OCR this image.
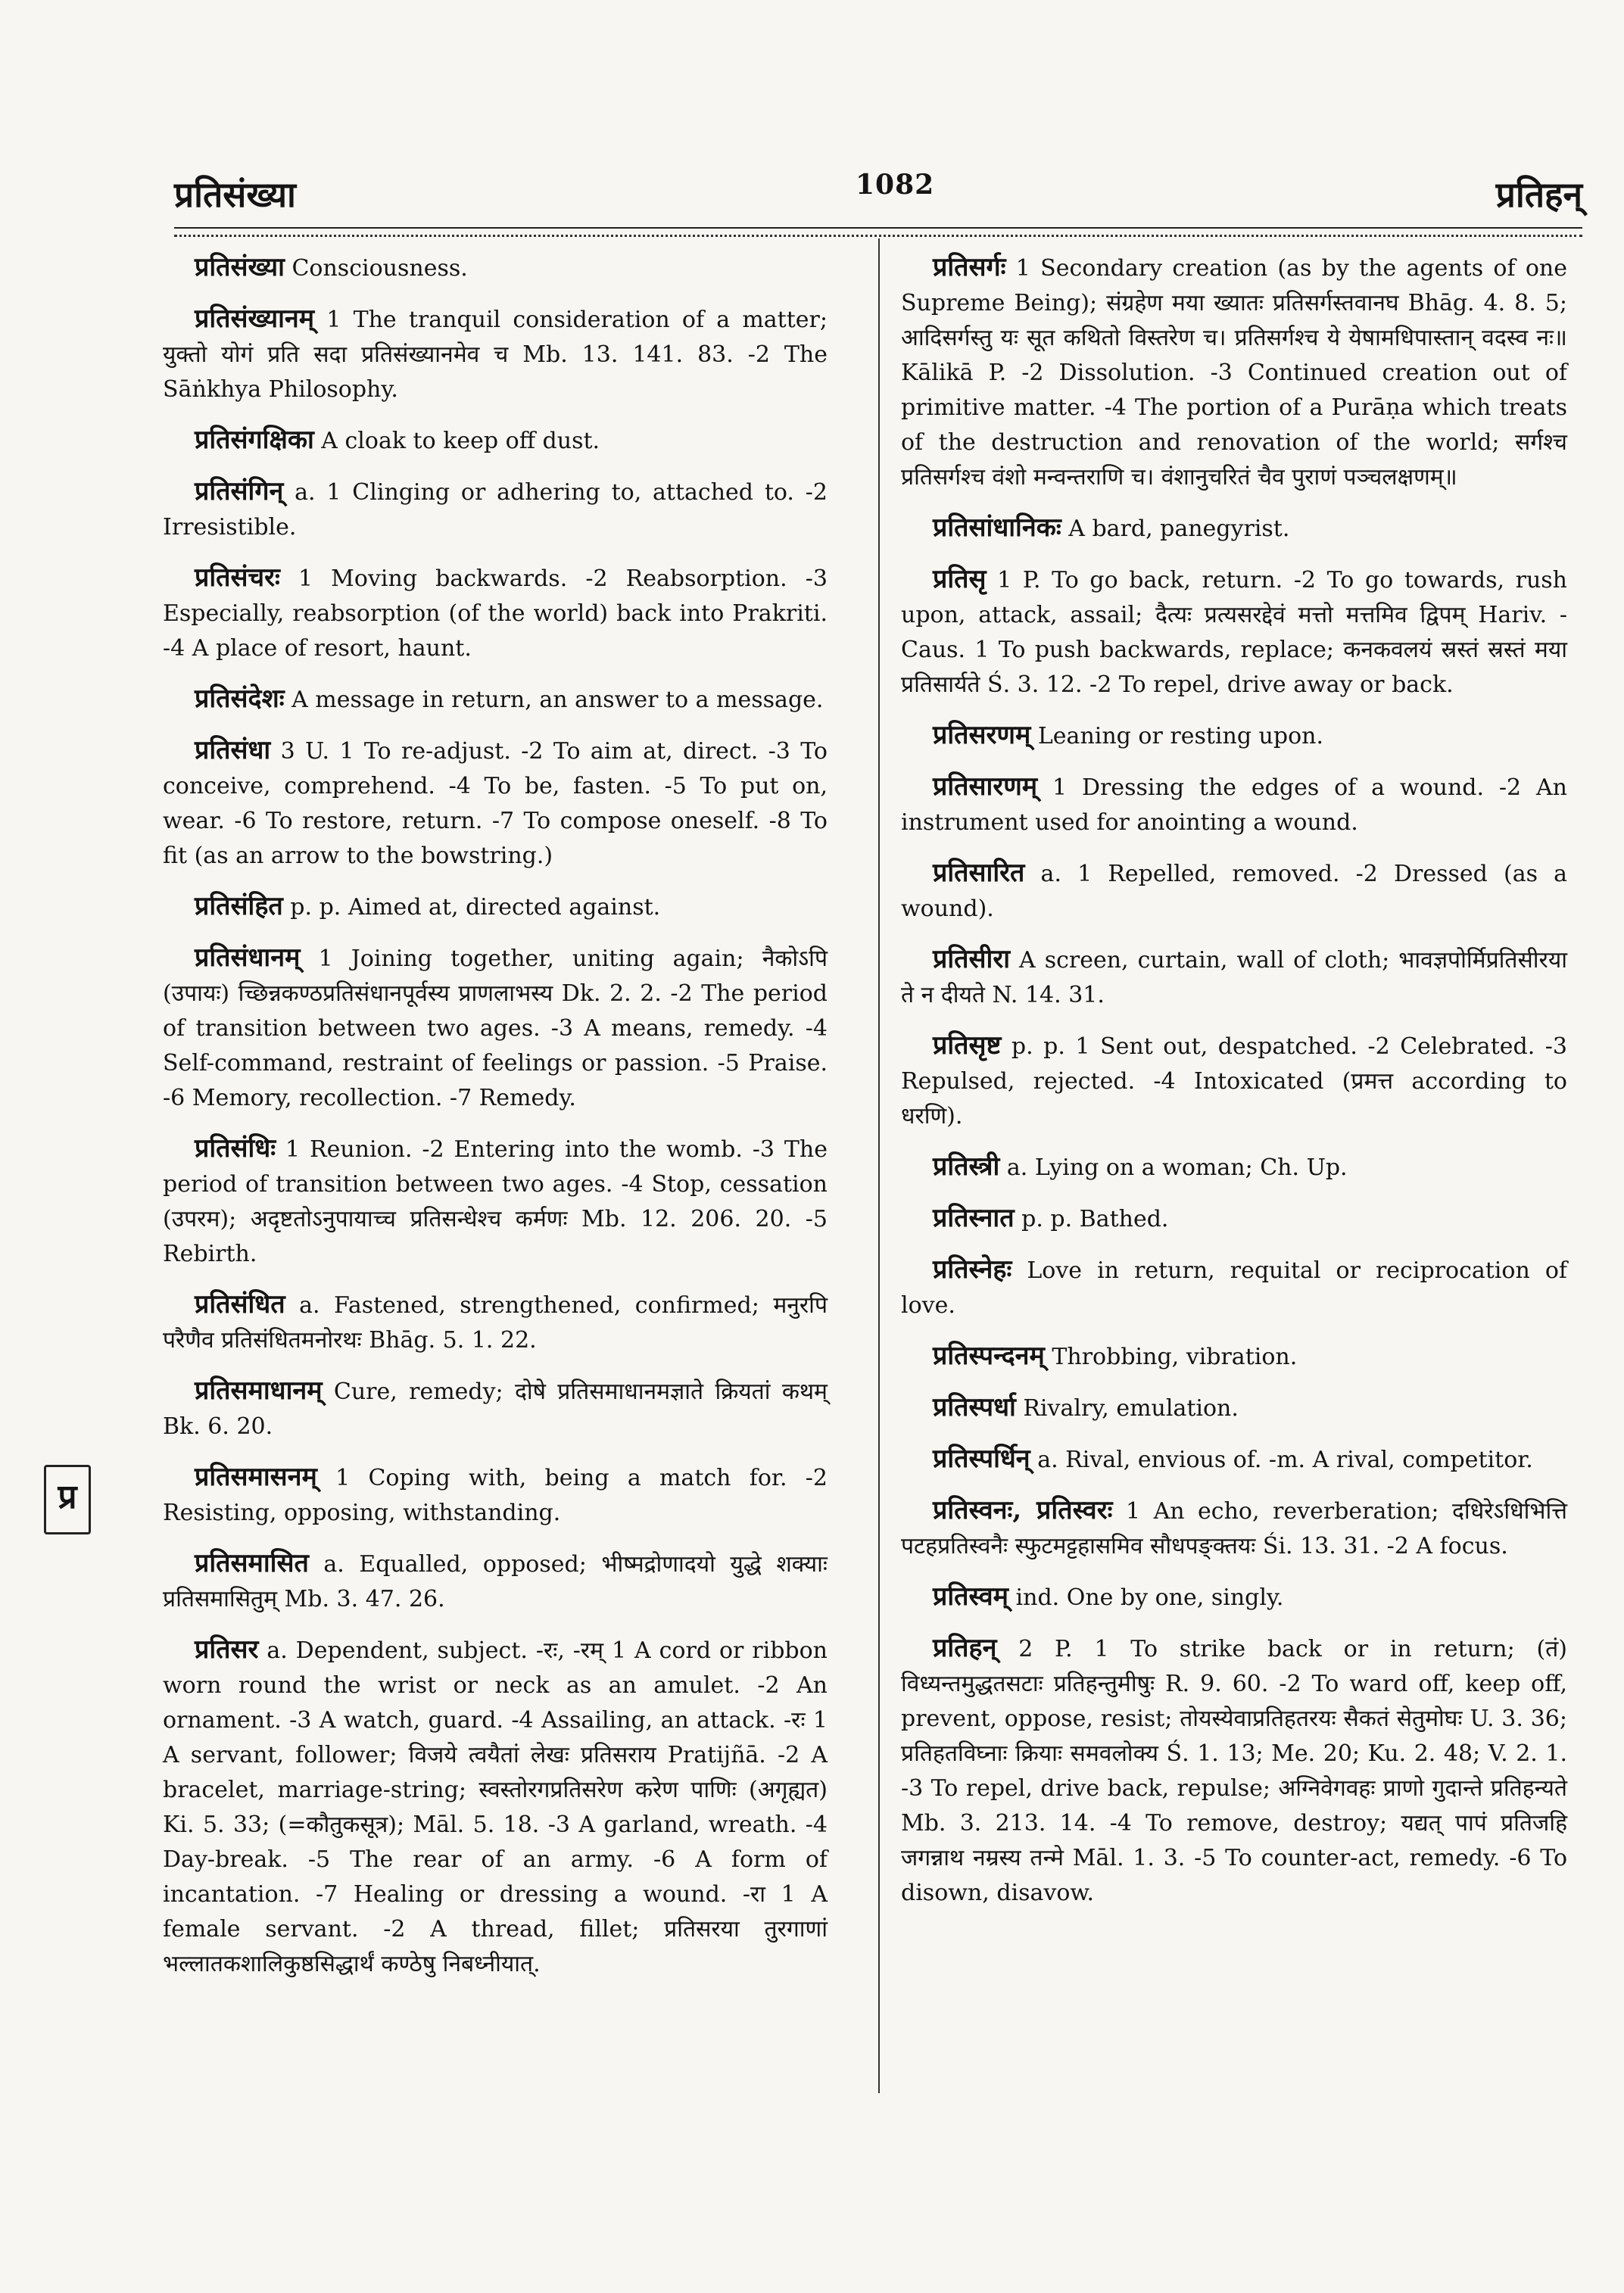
प्रतिसंख्या	1082	प्रतिहन्
प्र

प्रतिसंख्या Consciousness.

प्रतिसंख्यानम् 1 The tranquil consideration of a matter; युक्तो योगं प्रति सदा प्रतिसंख्यानमेव च Mb. 13. 141. 83. -2 The Sāṅkhya Philosophy.

प्रतिसंगक्षिका A cloak to keep off dust.

प्रतिसंगिन् a. 1 Clinging or adhering to, attached to. -2 Irresistible.

प्रतिसंचरः 1 Moving backwards. -2 Reabsorption. -3 Especially, reabsorption (of the world) back into Prakriti. -4 A place of resort, haunt.

प्रतिसंदेशः A message in return, an answer to a message.

प्रतिसंधा 3 U. 1 To re-adjust. -2 To aim at, direct. -3 To conceive, comprehend. -4 To be, fasten. -5 To put on, wear. -6 To restore, return. -7 To compose oneself. -8 To fit (as an arrow to the bowstring.)

प्रतिसंहित p. p. Aimed at, directed against.

प्रतिसंधानम् 1 Joining together, uniting again; नैकोऽपि (उपायः) च्छिन्नकण्ठप्रतिसंधानपूर्वस्य प्राणलाभस्य Dk. 2. 2. -2 The period of transition between two ages. -3 A means, remedy. -4 Self-command, restraint of feelings or passion. -5 Praise. -6 Memory, recollection. -7 Remedy.

प्रतिसंधिः 1 Reunion. -2 Entering into the womb. -3 The period of transition between two ages. -4 Stop, cessation (उपरम); अदृष्टतोऽनुपायाच्च प्रतिसन्धेश्च कर्मणः Mb. 12. 206. 20. -5 Rebirth.

प्रतिसंधित a. Fastened, strengthened, confirmed; मनुरपि परैणैव प्रतिसंधितमनोरथः Bhāg. 5. 1. 22.

प्रतिसमाधानम् Cure, remedy; दोषे प्रतिसमाधानमज्ञाते क्रियतां कथम् Bk. 6. 20.

प्रतिसमासनम् 1 Coping with, being a match for. -2 Resisting, opposing, withstanding.

प्रतिसमासित a. Equalled, opposed; भीष्मद्रोणादयो युद्धे शक्याः प्रतिसमासितुम् Mb. 3. 47. 26.

प्रतिसर a. Dependent, subject. -रः, -रम् 1 A cord or ribbon worn round the wrist or neck as an amulet. -2 An ornament. -3 A watch, guard. -4 Assailing, an attack. -रः 1 A servant, follower; विजये त्वयैतां लेखः प्रतिसराय Pratijñā. -2 A bracelet, marriage-string; स्वस्तोरगप्रतिसरेण करेण पाणिः (अगृह्यत) Ki. 5. 33; (=कौतुकसूत्र); Māl. 5. 18. -3 A garland, wreath. -4 Day-break. -5 The rear of an army. -6 A form of incantation. -7 Healing or dressing a wound. -रा 1 A female servant. -2 A thread, fillet; प्रतिसरया तुरगाणां भल्लातकशालिकुष्ठसिद्धार्थं कण्ठेषु निबध्नीयात्.

प्रतिसर्गः 1 Secondary creation (as by the agents of one Supreme Being); संग्रहेण मया ख्यातः प्रतिसर्गस्तवानघ Bhāg. 4. 8. 5; आदिसर्गस्तु यः सूत कथितो विस्तरेण च। प्रतिसर्गश्च ये येषामधिपास्तान् वदस्व नः॥ Kālikā P. -2 Dissolution. -3 Continued creation out of primitive matter. -4 The portion of a Purāṇa which treats of the destruction and renovation of the world; सर्गश्च प्रतिसर्गश्च वंशो मन्वन्तराणि च। वंशानुचरितं चैव पुराणं पञ्चलक्षणम्॥

प्रतिसांधानिकः A bard, panegyrist.

प्रतिसृ 1 P. To go back, return. -2 To go towards, rush upon, attack, assail; दैत्यः प्रत्यसरद्देवं मत्तो मत्तमिव द्विपम् Hariv. -Caus. 1 To push backwards, replace; कनकवलयं स्रस्तं स्रस्तं मया प्रतिसार्यते Ś. 3. 12. -2 To repel, drive away or back.

प्रतिसरणम् Leaning or resting upon.

प्रतिसारणम् 1 Dressing the edges of a wound. -2 An instrument used for anointing a wound.

प्रतिसारित a. 1 Repelled, removed. -2 Dressed (as a wound).

प्रतिसीरा A screen, curtain, wall of cloth; भावज्ञपोर्मिप्रतिसीरया ते न दीयते N. 14. 31.

प्रतिसृष्ट p. p. 1 Sent out, despatched. -2 Celebrated. -3 Repulsed, rejected. -4 Intoxicated (प्रमत्त according to धरणि).

प्रतिस्त्री a. Lying on a woman; Ch. Up.

प्रतिस्नात p. p. Bathed.

प्रतिस्नेहः Love in return, requital or reciprocation of love.

प्रतिस्पन्दनम् Throbbing, vibration.

प्रतिस्पर्धा Rivalry, emulation.

प्रतिस्पर्धिन् a. Rival, envious of. -m. A rival, competitor.

प्रतिस्वनः, प्रतिस्वरः 1 An echo, reverberation; दधिरेऽधिभित्ति पटहप्रतिस्वनैः स्फुटमट्टहासमिव सौधपङ्क्तयः Śi. 13. 31. -2 A focus.

प्रतिस्वम् ind. One by one, singly.

प्रतिहन् 2 P. 1 To strike back or in return; (तं) विध्यन्तमुद्धतसटाः प्रतिहन्तुमीषुः R. 9. 60. -2 To ward off, keep off, prevent, oppose, resist; तोयस्येवाप्रतिहतरयः सैकतं सेतुमोघः U. 3. 36; प्रतिहतविघ्नाः क्रियाः समवलोक्य Ś. 1. 13; Me. 20; Ku. 2. 48; V. 2. 1. -3 To repel, drive back, repulse; अग्निवेगवहः प्राणो गुदान्ते प्रतिहन्यते Mb. 3. 213. 14. -4 To remove, destroy; यद्यत् पापं प्रतिजहि जगन्नाथ नम्रस्य तन्मे Māl. 1. 3. -5 To counter-act, remedy. -6 To disown, disavow.
